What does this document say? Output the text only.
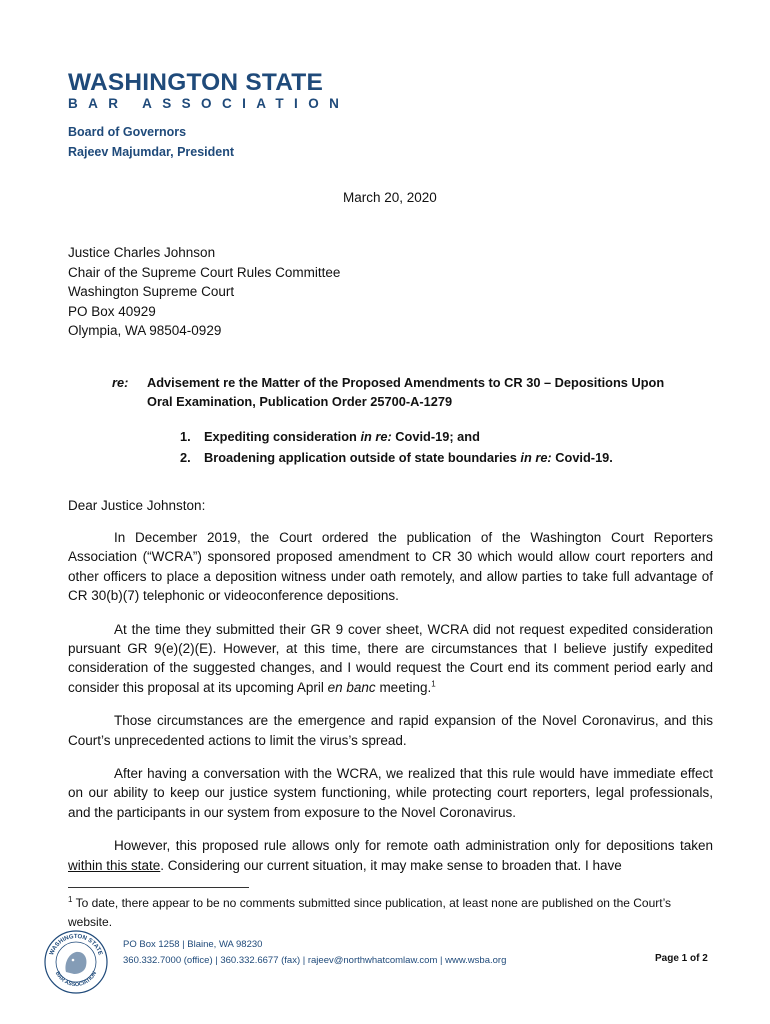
WASHINGTON STATE
BAR ASSOCIATION
Board of Governors
Rajeev Majumdar, President
March 20, 2020
Justice Charles Johnson
Chair of the Supreme Court Rules Committee
Washington Supreme Court
PO Box 40929
Olympia, WA 98504-0929
re: Advisement re the Matter of the Proposed Amendments to CR 30 – Depositions Upon
Oral Examination, Publication Order 25700-A-1279
1. Expediting consideration in re: Covid-19; and
2. Broadening application outside of state boundaries in re: Covid-19.
Dear Justice Johnston:

In December 2019, the Court ordered the publication of the Washington Court Reporters Association (“WCRA”) sponsored proposed amendment to CR 30 which would allow court reporters and other officers to place a deposition witness under oath remotely, and allow parties to take full advantage of CR 30(b)(7) telephonic or videoconference depositions.

At the time they submitted their GR 9 cover sheet, WCRA did not request expedited consideration pursuant GR 9(e)(2)(E). However, at this time, there are circumstances that I believe justify expedited consideration of the suggested changes, and I would request the Court end its comment period early and consider this proposal at its upcoming April en banc meeting.$^1$

Those circumstances are the emergence and rapid expansion of the Novel Coronavirus, and this Court’s unprecedented actions to limit the virus’s spread.

After having a conversation with the WCRA, we realized that this rule would have immediate effect on our ability to keep our justice system functioning, while protecting court reporters, legal professionals, and the participants in our system from exposure to the Novel Coronavirus.

However, this proposed rule allows only for remote oath administration only for depositions taken within this state. Considering our current situation, it may make sense to broaden that. I have

$^1$ To date, there appear to be no comments submitted since publication, at least none are published on the Court’s website.
WASHINGTON STATE
BAR ASSOCIATION
PO Box 1258 | Blaine, WA 98230
360.332.7000 (office) | 360.332.6677 (fax) | rajeev@northwhatcomlaw.com | www.wsba.org	Page 1 of 2
